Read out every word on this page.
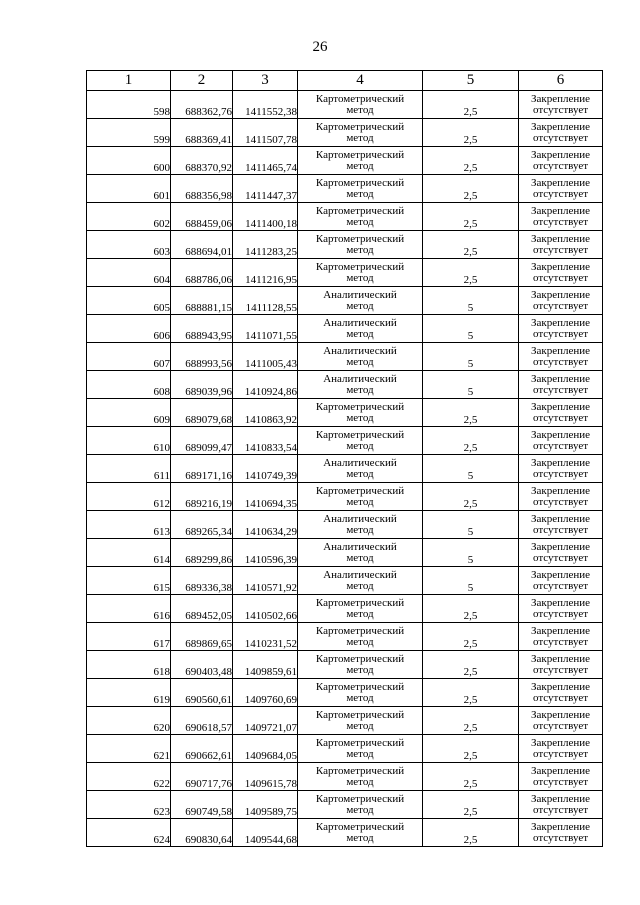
26
1	2	3	4	5	6
598	688362,76	1411552,38	Картометрический
метод	2,5	Закрепление
отсутствует

599	688369,41	1411507,78	Картометрический
метод	2,5	Закрепление
отсутствует

600	688370,92	1411465,74	Картометрический
метод	2,5	Закрепление
отсутствует

601	688356,98	1411447,37	Картометрический
метод	2,5	Закрепление
отсутствует

602	688459,06	1411400,18	Картометрический
метод	2,5	Закрепление
отсутствует

603	688694,01	1411283,25	Картометрический
метод	2,5	Закрепление
отсутствует

604	688786,06	1411216,95	Картометрический
метод	2,5	Закрепление
отсутствует

605	688881,15	1411128,55	Аналитический
метод	5	Закрепление
отсутствует

606	688943,95	1411071,55	Аналитический
метод	5	Закрепление
отсутствует

607	688993,56	1411005,43	Аналитический
метод	5	Закрепление
отсутствует

608	689039,96	1410924,86	Аналитический
метод	5	Закрепление
отсутствует

609	689079,68	1410863,92	Картометрический
метод	2,5	Закрепление
отсутствует

610	689099,47	1410833,54	Картометрический
метод	2,5	Закрепление
отсутствует

611	689171,16	1410749,39	Аналитический
метод	5	Закрепление
отсутствует

612	689216,19	1410694,35	Картометрический
метод	2,5	Закрепление
отсутствует

613	689265,34	1410634,29	Аналитический
метод	5	Закрепление
отсутствует

614	689299,86	1410596,39	Аналитический
метод	5	Закрепление
отсутствует

615	689336,38	1410571,92	Аналитический
метод	5	Закрепление
отсутствует

616	689452,05	1410502,66	Картометрический
метод	2,5	Закрепление
отсутствует

617	689869,65	1410231,52	Картометрический
метод	2,5	Закрепление
отсутствует

618	690403,48	1409859,61	Картометрический
метод	2,5	Закрепление
отсутствует

619	690560,61	1409760,69	Картометрический
метод	2,5	Закрепление
отсутствует

620	690618,57	1409721,07	Картометрический
метод	2,5	Закрепление
отсутствует

621	690662,61	1409684,05	Картометрический
метод	2,5	Закрепление
отсутствует

622	690717,76	1409615,78	Картометрический
метод	2,5	Закрепление
отсутствует

623	690749,58	1409589,75	Картометрический
метод	2,5	Закрепление
отсутствует

624	690830,64	1409544,68	Картометрический
метод	2,5	Закрепление
отсутствует
